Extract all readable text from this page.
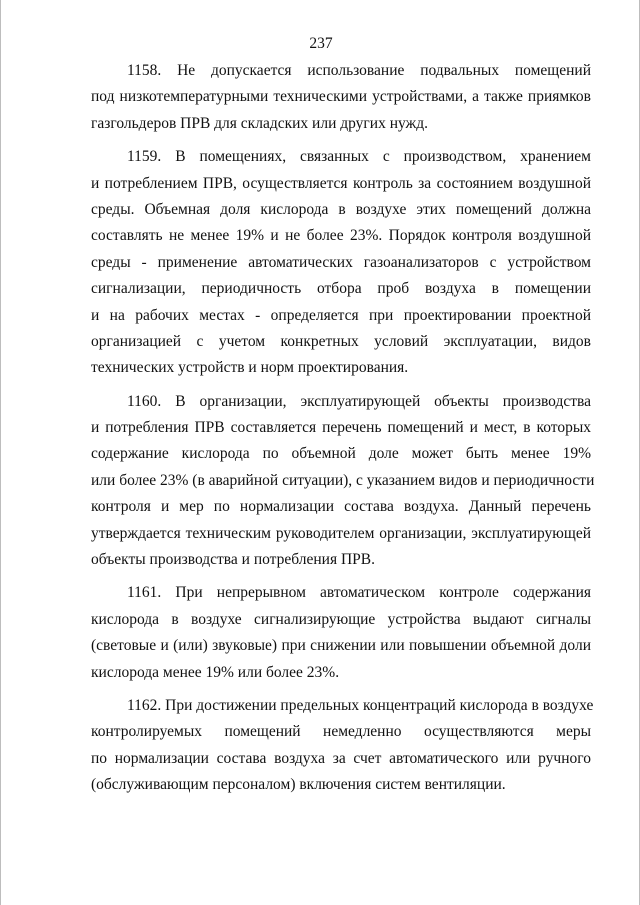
237
1158. Не допускается использование подвальных помещений
под низкотемпературными техническими устройствами, а также приямков
газгольдеров ПРВ для складских или других нужд.
1159. В помещениях, связанных с производством, хранением
и потреблением ПРВ, осуществляется контроль за состоянием воздушной
среды. Объемная доля кислорода в воздухе этих помещений должна
составлять не менее 19% и не более 23%. Порядок контроля воздушной
среды - применение автоматических газоанализаторов с устройством
сигнализации, периодичность отбора проб воздуха в помещении
и на рабочих местах - определяется при проектировании проектной
организацией с учетом конкретных условий эксплуатации, видов
технических устройств и норм проектирования.
1160. В организации, эксплуатирующей объекты производства
и потребления ПРВ составляется перечень помещений и мест, в которых
содержание кислорода по объемной доле может быть менее 19%
или более 23% (в аварийной ситуации), с указанием видов и периодичности
контроля и мер по нормализации состава воздуха. Данный перечень
утверждается техническим руководителем организации, эксплуатирующей
объекты производства и потребления ПРВ.
1161. При непрерывном автоматическом контроле содержания
кислорода в воздухе сигнализирующие устройства выдают сигналы
(световые и (или) звуковые) при снижении или повышении объемной доли
кислорода менее 19% или более 23%.
1162. При достижении предельных концентраций кислорода в воздухе
контролируемых помещений немедленно осуществляются меры
по нормализации состава воздуха за счет автоматического или ручного
(обслуживающим персоналом) включения систем вентиляции.
